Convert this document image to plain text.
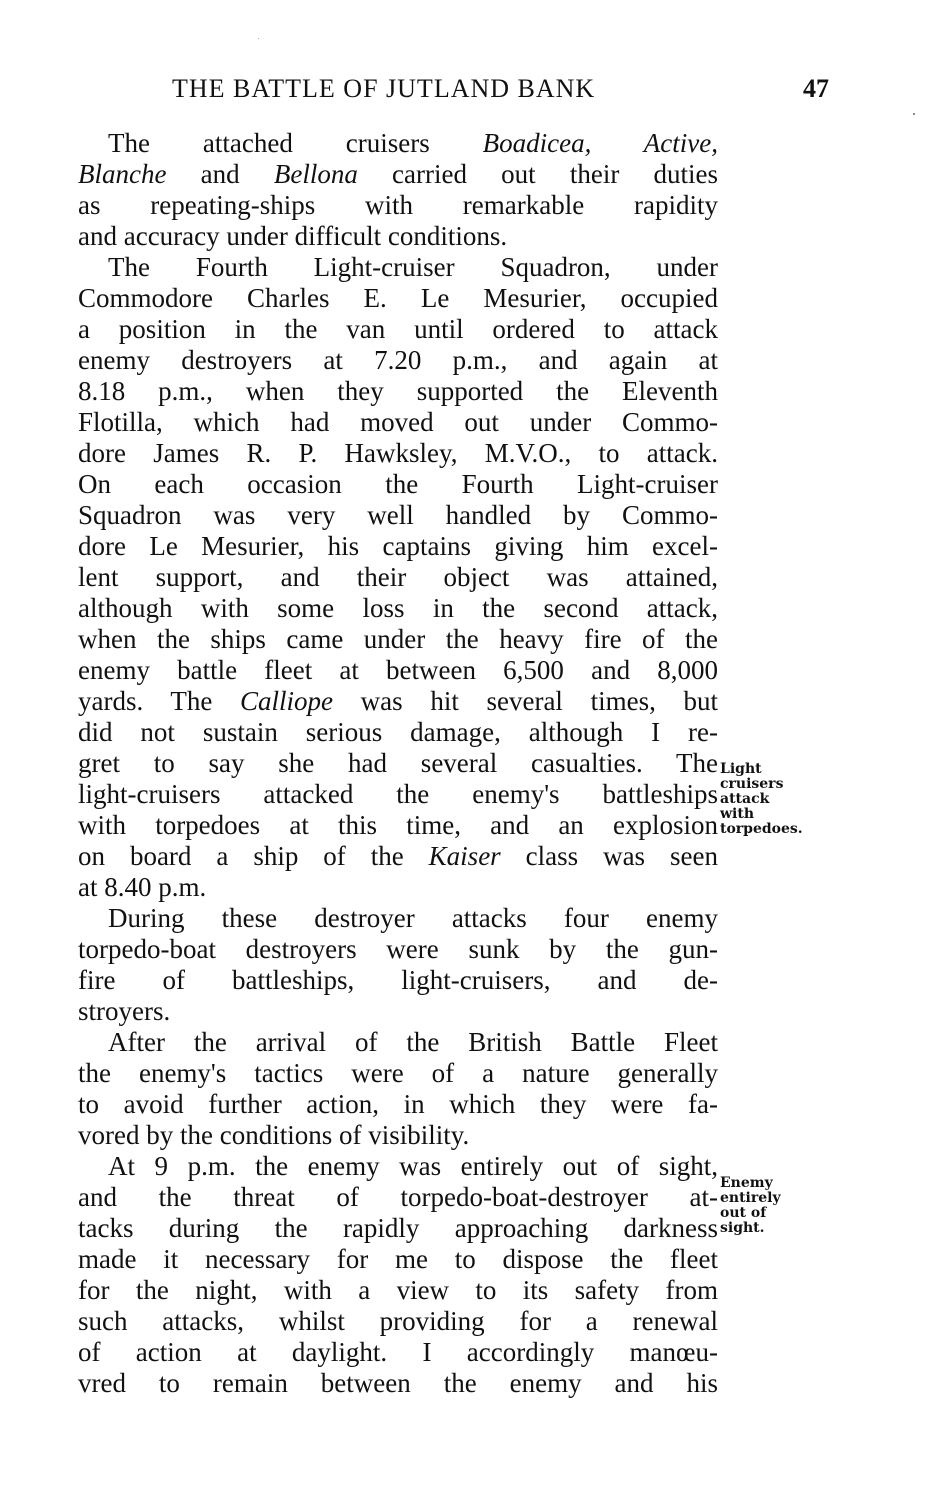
THE BATTLE OF JUTLAND BANK	47
The attached cruisers Boadicea, Active,
Blanche and Bellona carried out their duties
as repeating-ships with remarkable rapidity
and accuracy under difficult conditions.
The Fourth Light-cruiser Squadron, under
Commodore Charles E. Le Mesurier, occupied
a position in the van until ordered to attack
enemy destroyers at 7.20 p.m., and again at
8.18 p.m., when they supported the Eleventh
Flotilla, which had moved out under Commo-
dore James R. P. Hawksley, M.V.O., to attack.
On each occasion the Fourth Light-cruiser
Squadron was very well handled by Commo-
dore Le Mesurier, his captains giving him excel-
lent support, and their object was attained,
although with some loss in the second attack,
when the ships came under the heavy fire of the
enemy battle fleet at between 6,500 and 8,000
yards. The Calliope was hit several times, but
did not sustain serious damage, although I re-
gret to say she had several casualties. The
light-cruisers attacked the enemy's battleships
with torpedoes at this time, and an explosion
on board a ship of the Kaiser class was seen
at 8.40 p.m.
During these destroyer attacks four enemy
torpedo-boat destroyers were sunk by the gun-
fire of battleships, light-cruisers, and de-
stroyers.
After the arrival of the British Battle Fleet
the enemy's tactics were of a nature generally
to avoid further action, in which they were fa-
vored by the conditions of visibility.
At 9 p.m. the enemy was entirely out of sight,
and the threat of torpedo-boat-destroyer at-
tacks during the rapidly approaching darkness
made it necessary for me to dispose the fleet
for the night, with a view to its safety from
such attacks, whilst providing for a renewal
of action at daylight. I accordingly manœu-
vred to remain between the enemy and his
Light
cruisers
attack
with
torpedoes.
Enemy
entirely
out of
sight.
